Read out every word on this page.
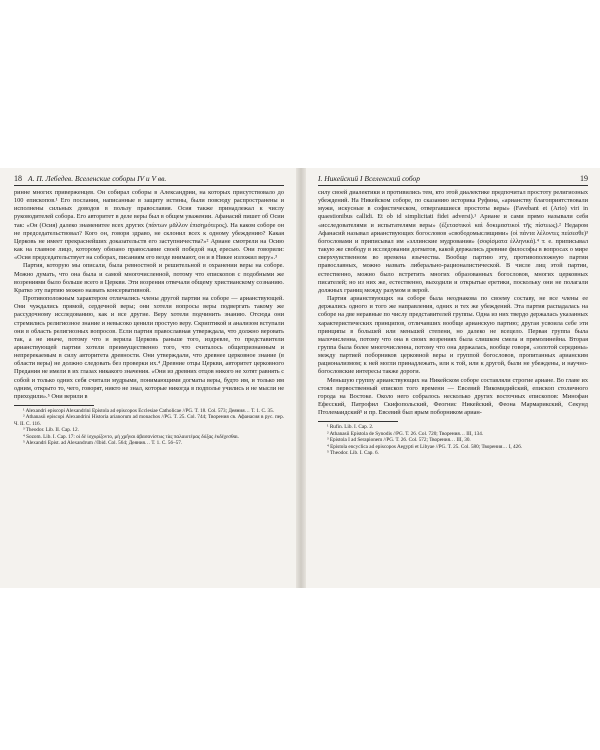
18 А. П. Лебедев. Вселенские соборы IV и V вв.

ринне многих приверженцев. Он собирал соборы в Александрии, на которых присутствовало до 100 епископов.¹ Его послания, написанные в защиту истины, были повсюду распространены и исполнены сильных доводов в пользу православия. Осия также принадлежал к числу руководителей собора. Его авторитет в деле веры был в общем уважении. Афанасий пишет об Осии так: «Он (Осия) далеко знаменитее всех других (πάντων μᾶλλον ἐπισημότερος). На каком соборе он не председательствовал? Кого он, говоря здраво, не склонил всех к одному убеждению? Какая Церковь не имеет прекраснейших доказательств его заступничества?»² Арианe смотрели на Осию как на главное лицо, которому обязано православие своей победой над ересью. Они говорили: «Осия председательствует на соборах, писаниям его везде внимают, он и в Никее изложил веру».³

Партия, которую мы описали, была ревностной и решительной в охранении веры на соборе. Можно думать, что она была и самой многочисленной, потому что епископов с подобными же возрениями было больше всего в Церкви. Эти возрения отвечали общему христианскому сознанию. Кратко эту партию можно назвать консервативной.

Противоположным характером отличались члены другой партии на соборе — арианствующей. Они чуждались прямой, сердечной веры; они хотели вопросы веры подвергать такому же рассудочному исследованию, как и все другие. Веру хотели подчинить знанию. Отсюда они стремились религиозное знание и невысоко ценили простую веру. Скриптикой и анализом вступали они в область религиозных вопросов. Если партия православная утверждала, что должно веровать так, а не иначе, потому что и верила Церковь раньше того, издревле, то представители арианствующей партии хотели преимущественно того, что считалось общепризнанным и непререкаемым в силу авторитета древности. Они утверждали, что древнее церковное знание (в области веры) не должно следовать без проверки их.⁴ Древние отцы Церкви, авторитет церковного Предания не имели в их глазах никакого значения. «Они из древних отцов никого не хотят равнять с собой и только одних себя считали мудрыми, понимающими догматы веры, будто им, и только им одним, открыто то, чего, говорят, никто не знал, которые никогда в подполье учились и не мысли не приходили».⁵ Они верили в

¹ Alexandri episcopi Alexandrini Epistola ad episcopos Ecclesiae Catholicae //PG. T. 18. Col. 573; Деяния… Т. 1. С. 35.

² Athanasii episcopi Alexandrini Historia arianorum ad monachos //PG. T. 25. Col. 744; Творения св. Афанасия в рус. пер. Ч. II. С. 116.

³ Theodor. Lib. II. Cap. 12.

⁴ Sozom. Lib. I. Cap. 17: οἱ δὲ ἰσχυρίζοντο, μὴ χρῆναι ἀβασανίστως τὰς παλαιοτέρας δόξας ἐκδέχεσθαι.

⁵ Alexandri Epist. ad Alexandrum //Ibid. Col. 564; Деяния… Т. 1. С. 56–57.

I. Никейский I Вселенский собор	19

силу своей диалектики и противились тем, кто этой диалектике предпочитал простоту религиозных убеждений. На Никейском соборе, по сказанию историка Руфина, «арианству благоприятствовали мужи, искусные в софистическом, отвергавшиеся простоты веры» (Favebant et (Ario) viri in quaestionibus callidi. Et ob id simplicitati fidei adversi).¹ Ариане и сами прямо называли себя «исследователями и испытателями веры» (ἐξεταστικοὶ καὶ δοκιμαστικοὶ τῆς πίστεως).² Недаром Афанасий называл арианствующих богословов «свободомыслящими» (οἱ πάντα λέλοντες πείσεσθε)³ богословами и приписывал им «эллинские мудрования» (σοφίσματα ἑλληνικά).⁴ т. е. приписывал такую же свободу в исследовании догматов, какой держались древние философы в вопросах о мире сверхчувственном во времена язычества. Вообще партию эту, противоположную партии православных, можно назвать либерально-рационалистической. В числе лиц этой партии, естественно, можно было встретить многих образованных богословов, многих церковных писателей; но из них же, естественно, выходили и открытые еретики, поскольку они не полагали должных границ между разумом и верой.

Партия арианствующих на соборе была неоднакова по своему составу, не все члены ее держались одного и того же направления, одних и тех же убеждений. Эта партия распадалась на соборе на две неравные по числу представителей группы. Одна из них твердо держалась указанных характеристических принципов, отличавших вообще арианскую партию; другая усвоила себе эти принципы в большей или меньшей степени, но далеко не всецело. Первая группа была малочисленна, потому что она в своих возрениях была слишком смела и прямолинейна. Вторая группа была более многочисленна, потому что она держалась, вообще говоря, «золотой середины» между партией поборников церковной веры и группой богословов, пропитанных арианским рационализмом; к ней могли принадлежать, или к той, или к другой, были не убеждены, и научно-богословские интересы также дороги.

Меньшую группу арианствующих на Никейском соборе составляли строгие ариане. Во главе их стоял первоственный епископ того времени — Евсевий Никомидийский, епископ столичного города на Востоке. Около него собралось несколько других восточных епископов: Минофан Ефесский, Патрофил Скифопольский, Феогнис Никейский, Феона Мармарикский, Секунд Птолемаидский⁵ и пр. Евсевий был ярым поборником ариан-

¹ Rufin. Lib. I. Cap. 2.

² Athanasii Epistola de Synodis //PG. T. 26. Col. 720; Творения… III, 134.

³ Epistola I ad Serapionem //PG. T. 26. Col. 572; Творения… III, 30.

⁴ Epistola encyclica ad episcopos Aegypti et Libyae //PG. T. 25. Col. 580; Творения… I, 426.

⁵ Theodor. Lib. I. Cap. 6.
